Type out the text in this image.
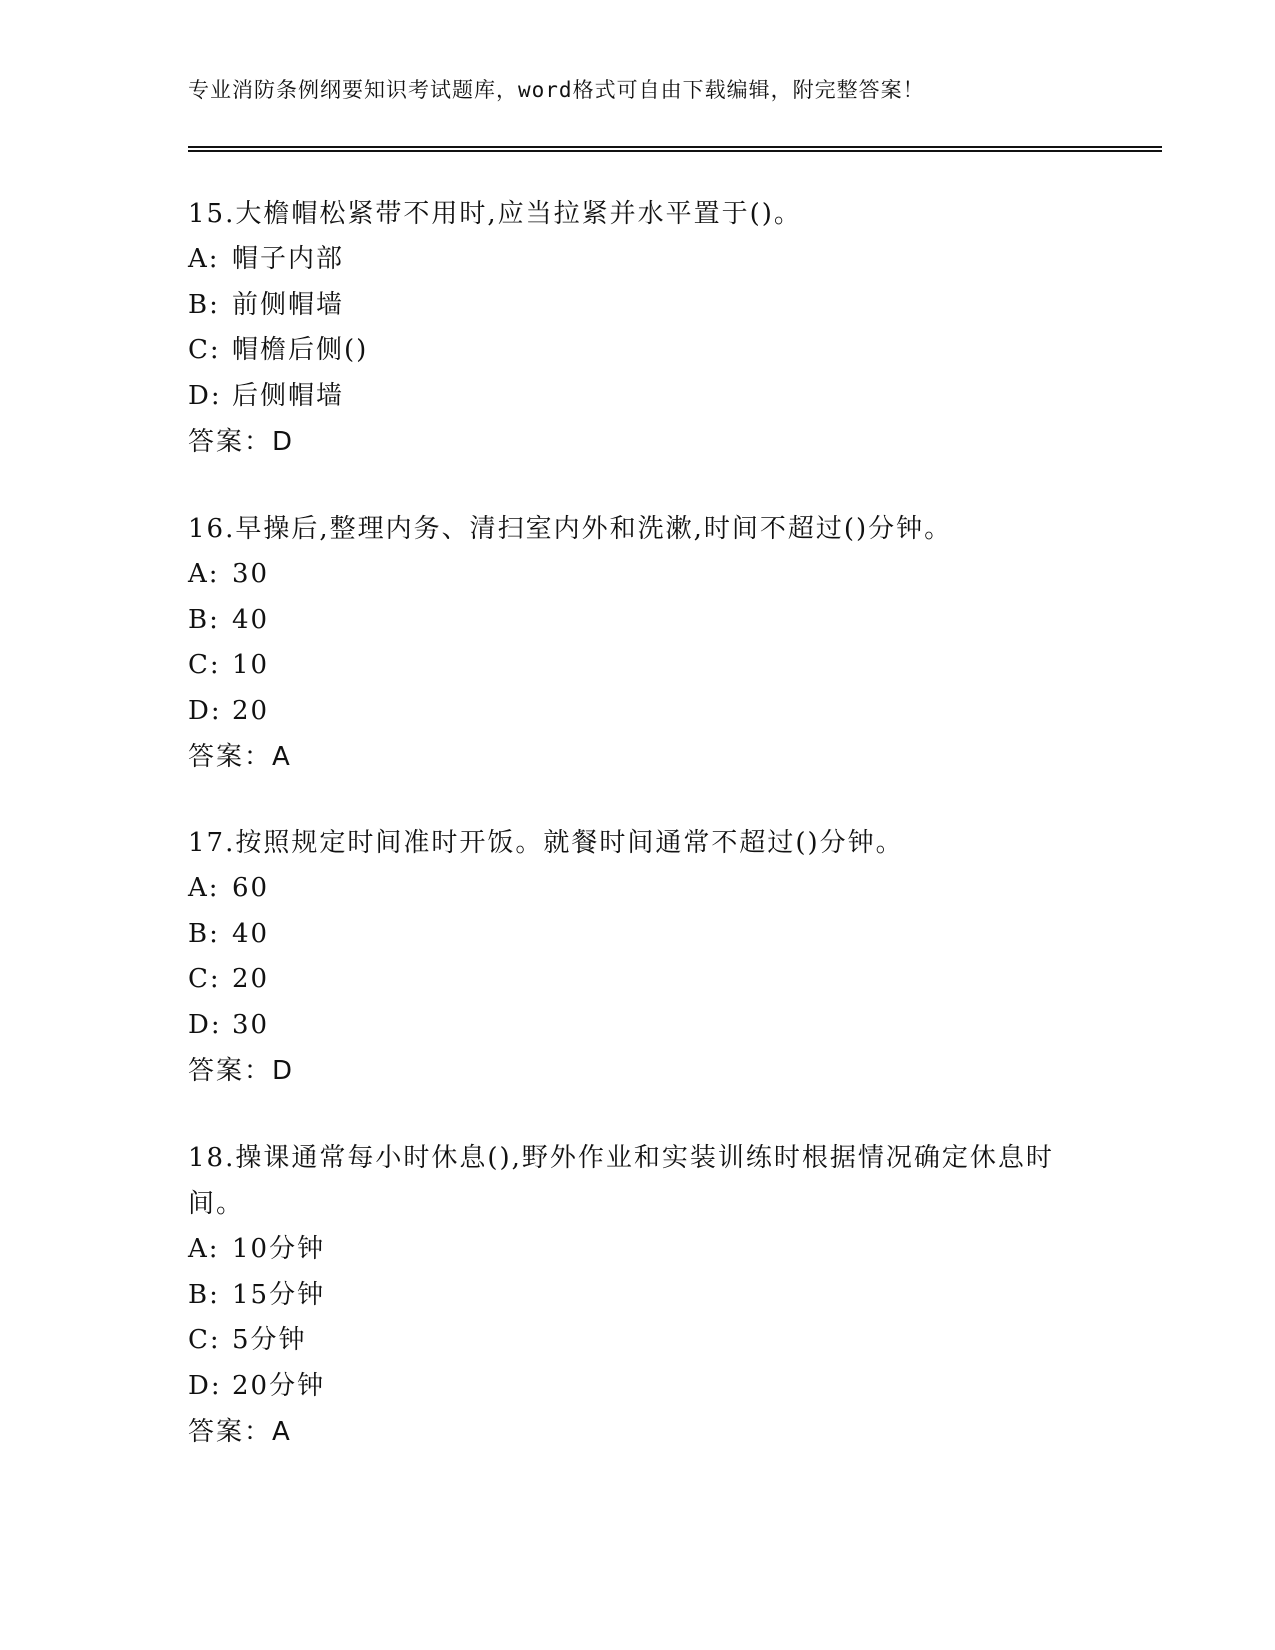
专业消防条例纲要知识考试题库，word格式可自由下载编辑，附完整答案！

15.大檐帽松紧带不用时,应当拉紧并水平置于()。

A: 帽子内部
B: 前侧帽墙
C: 帽檐后侧()
D: 后侧帽墙
答案：D

16.早操后,整理内务、清扫室内外和洗漱,时间不超过()分钟。

A: 30
B: 40
C: 10
D: 20
答案：A

17.按照规定时间准时开饭。就餐时间通常不超过()分钟。

A: 60
B: 40
C: 20
D: 30
答案：D

18.操课通常每小时休息(),野外作业和实装训练时根据情况确定休息时间。

A: 10分钟
B: 15分钟
C: 5分钟
D: 20分钟
答案：A
